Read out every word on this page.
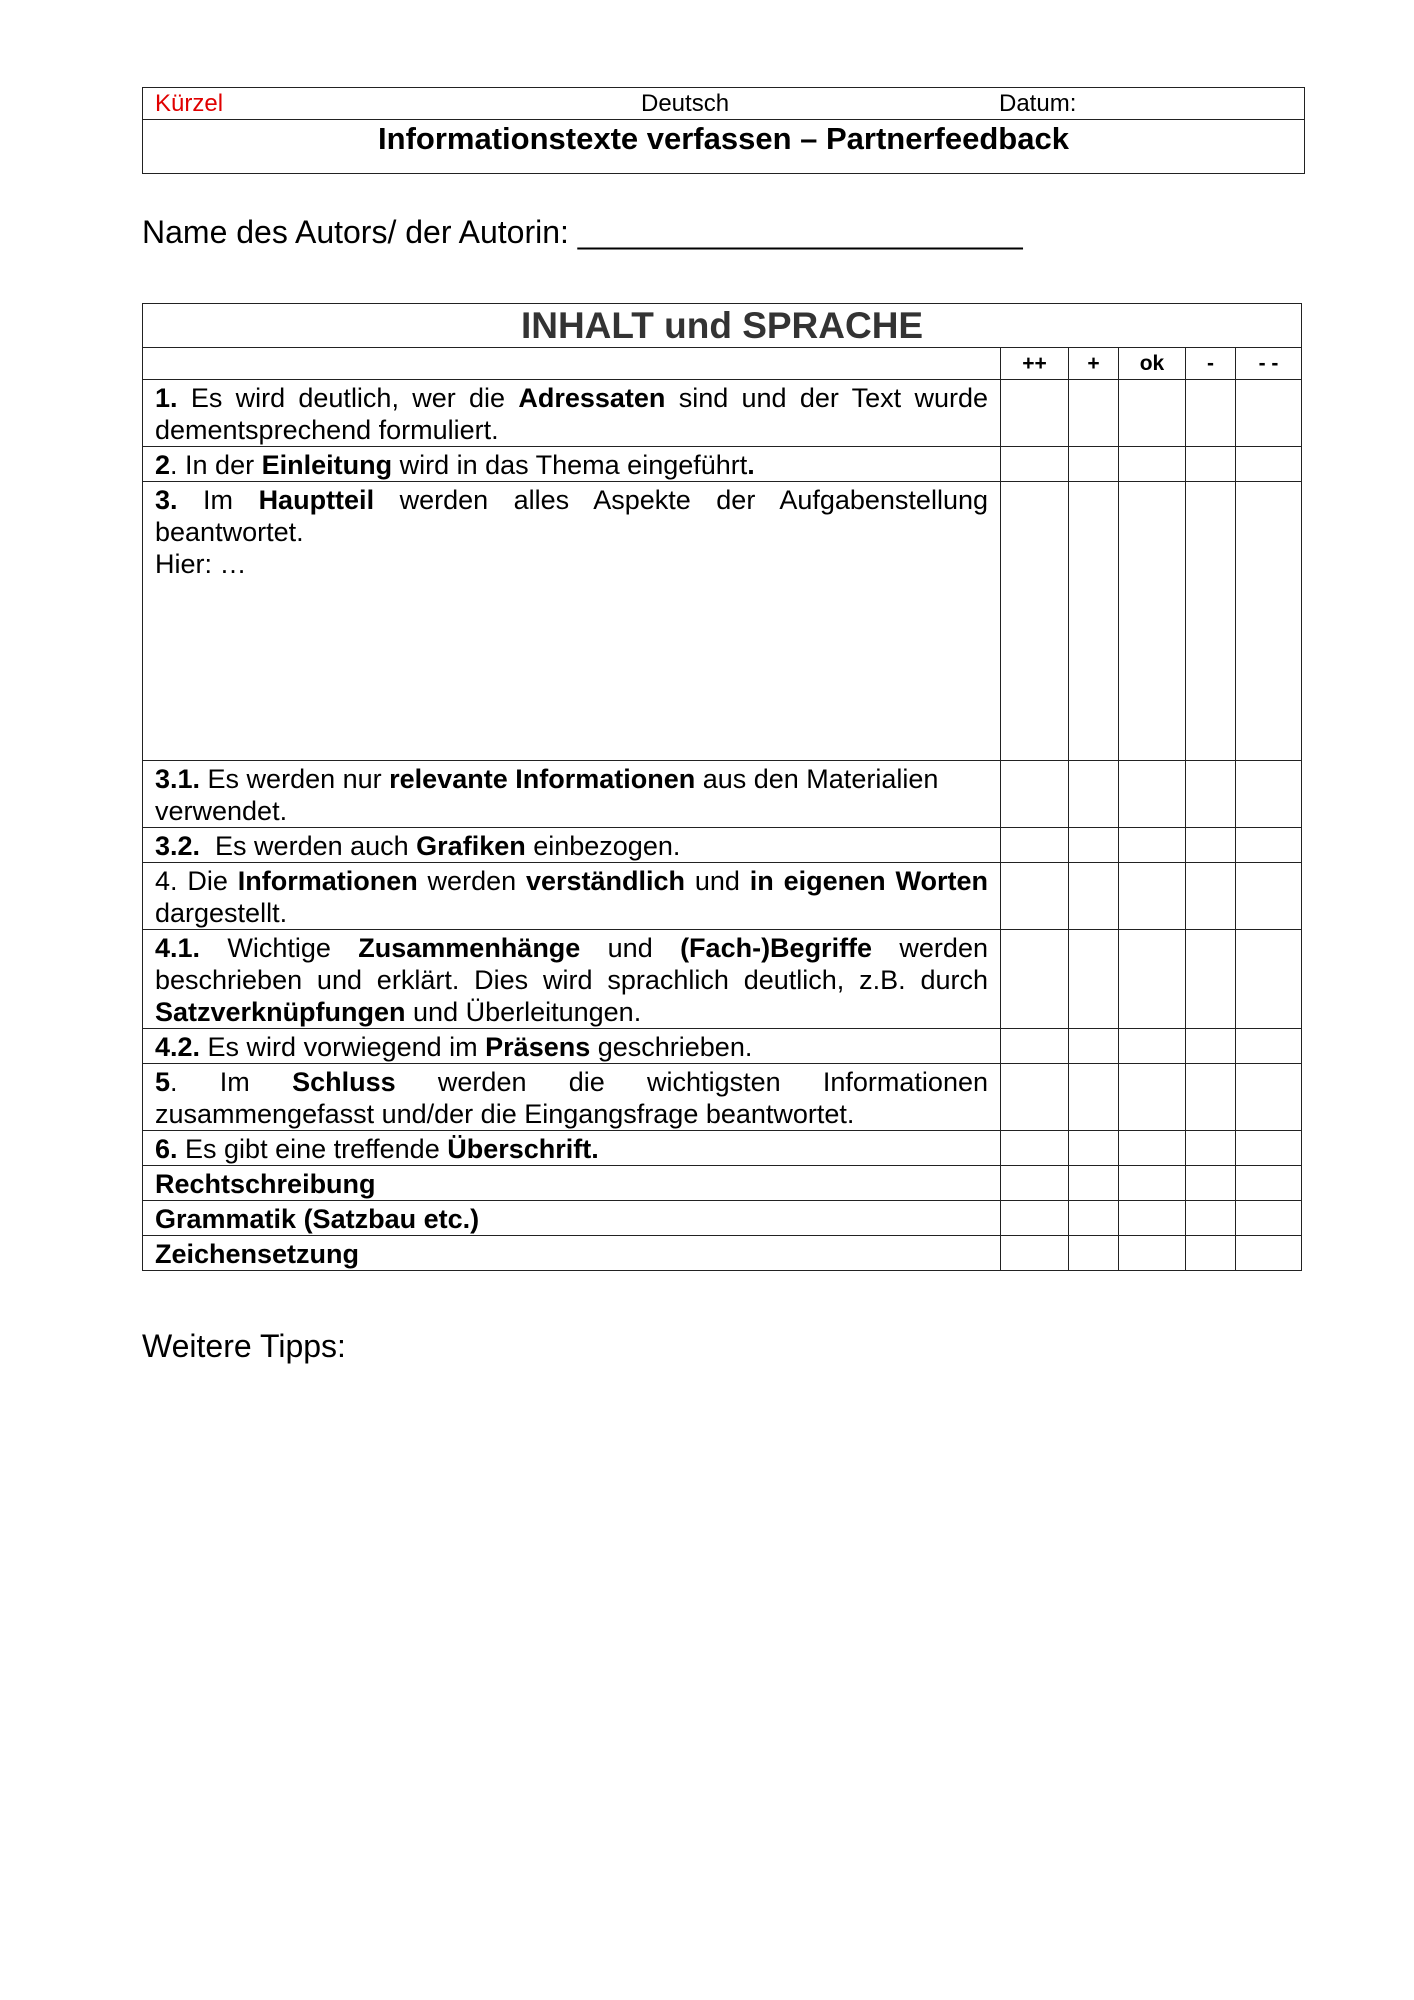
Kürzel	Deutsch	Datum:
Informationstexte verfassen – Partnerfeedback
Name des Autors/ der Autorin: _________________________
INHALT und SPRACHE					
	++	+	ok	-	- -
1. Es wird deutlich, wer die Adressaten sind und der Text wurde dementsprechend formuliert.					
2. In der Einleitung wird in das Thema eingeführt.					
3. Im Hauptteil werden alles Aspekte der Aufgabenstellung beantwortet.
Hier: …					
3.1. Es werden nur relevante Informationen aus den Materialien verwendet.					
3.2.  Es werden auch Grafiken einbezogen.					
4. Die Informationen werden verständlich und in eigenen Worten dargestellt.					
4.1. Wichtige Zusammenhänge und (Fach-)Begriffe werden beschrieben und erklärt. Dies wird sprachlich deutlich, z.B. durch Satzverknüpfungen und Überleitungen.					
4.2. Es wird vorwiegend im Präsens geschrieben.					
5. Im Schluss werden die wichtigsten Informationen zusammengefasst und/der die Eingangsfrage beantwortet.					
6. Es gibt eine treffende Überschrift.					
Rechtschreibung					
Grammatik (Satzbau etc.)					
Zeichensetzung					
Weitere Tipps:
